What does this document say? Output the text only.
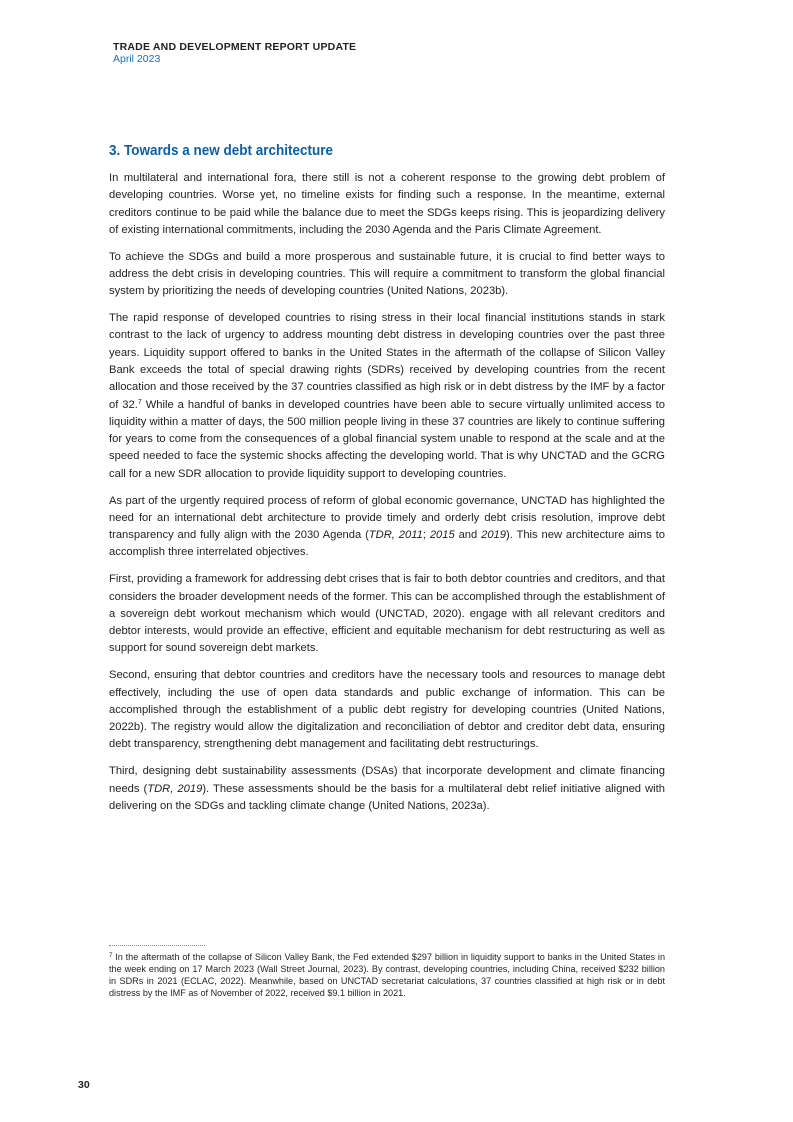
TRADE AND DEVELOPMENT REPORT UPDATE
April 2023
3. Towards a new debt architecture

In multilateral and international fora, there still is not a coherent response to the growing debt problem of developing countries. Worse yet, no timeline exists for finding such a response. In the meantime, external creditors continue to be paid while the balance due to meet the SDGs keeps rising. This is jeopardizing delivery of existing international commitments, including the 2030 Agenda and the Paris Climate Agreement.

To achieve the SDGs and build a more prosperous and sustainable future, it is crucial to find better ways to address the debt crisis in developing countries. This will require a commitment to transform the global financial system by prioritizing the needs of developing countries (United Nations, 2023b).

The rapid response of developed countries to rising stress in their local financial institutions stands in stark contrast to the lack of urgency to address mounting debt distress in developing countries over the past three years. Liquidity support offered to banks in the United States in the aftermath of the collapse of Silicon Valley Bank exceeds the total of special drawing rights (SDRs) received by developing countries from the recent allocation and those received by the 37 countries classified as high risk or in debt distress by the IMF by a factor of 32.$^7$ While a handful of banks in developed countries have been able to secure virtually unlimited access to liquidity within a matter of days, the 500 million people living in these 37 countries are likely to continue suffering for years to come from the consequences of a global financial system unable to respond at the scale and at the speed needed to face the systemic shocks affecting the developing world. That is why UNCTAD and the GCRG call for a new SDR allocation to provide liquidity support to developing countries.

As part of the urgently required process of reform of global economic governance, UNCTAD has highlighted the need for an international debt architecture to provide timely and orderly debt crisis resolution, improve debt transparency and fully align with the 2030 Agenda (TDR, 2011; 2015 and 2019). This new architecture aims to accomplish three interrelated objectives.

First, providing a framework for addressing debt crises that is fair to both debtor countries and creditors, and that considers the broader development needs of the former. This can be accomplished through the establishment of a sovereign debt workout mechanism which would (UNCTAD, 2020). engage with all relevant creditors and debtor interests, would provide an effective, efficient and equitable mechanism for debt restructuring as well as support for sound sovereign debt markets.

Second, ensuring that debtor countries and creditors have the necessary tools and resources to manage debt effectively, including the use of open data standards and public exchange of information. This can be accomplished through the establishment of a public debt registry for developing countries (United Nations, 2022b). The registry would allow the digitalization and reconciliation of debtor and creditor debt data, ensuring debt transparency, strengthening debt management and facilitating debt restructurings.

Third, designing debt sustainability assessments (DSAs) that incorporate development and climate financing needs (TDR, 2019). These assessments should be the basis for a multilateral debt relief initiative aligned with delivering on the SDGs and tackling climate change (United Nations, 2023a).

$^7$ In the aftermath of the collapse of Silicon Valley Bank, the Fed extended $297 billion in liquidity support to banks in the United States in the week ending on 17 March 2023 (Wall Street Journal, 2023). By contrast, developing countries, including China, received $232 billion in SDRs in 2021 (ECLAC, 2022). Meanwhile, based on UNCTAD secretariat calculations, 37 countries classified at high risk or in debt distress by the IMF as of November of 2022, received $9.1 billion in 2021.
30
